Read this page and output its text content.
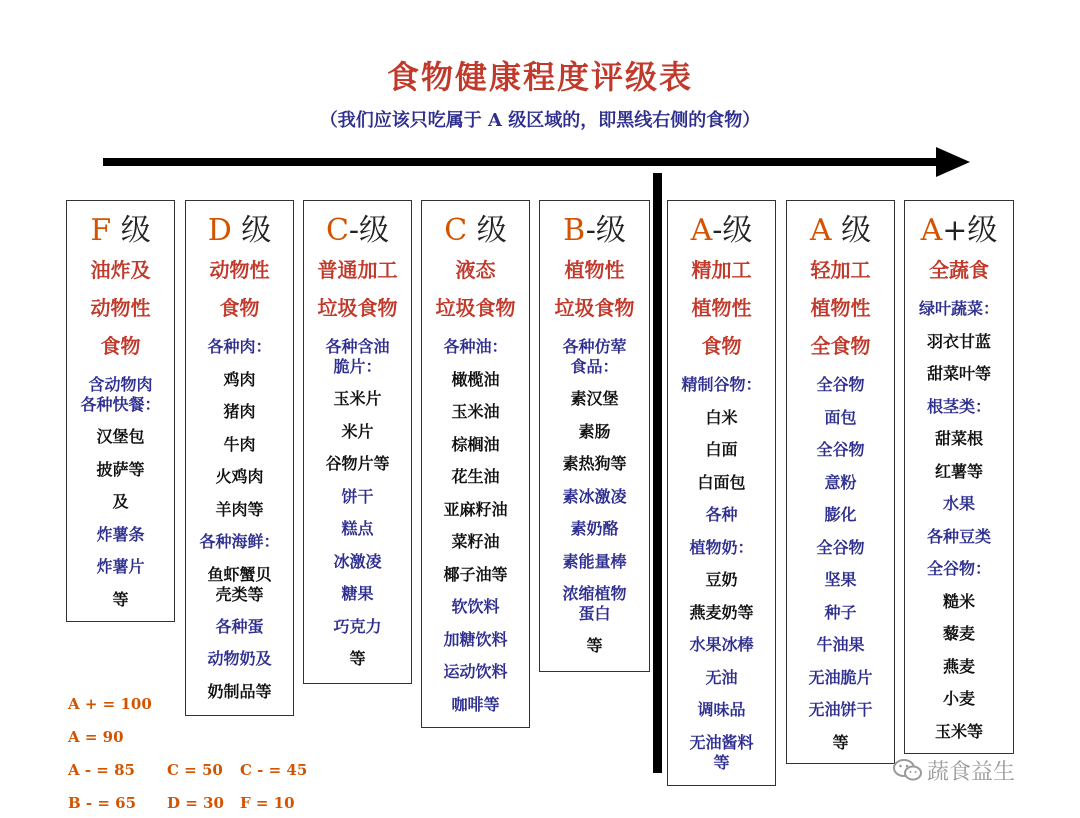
食物健康程度评级表
（我们应该只吃属于 A 级区域的，即黑线右侧的食物）
F 级
油炸及
动物性
食物
含动物肉
各种快餐：
汉堡包
披萨等
及
炸薯条
炸薯片
等
D 级
动物性
食物
各种肉：
鸡肉
猪肉
牛肉
火鸡肉
羊肉等
各种海鲜：
鱼虾蟹贝
壳类等
各种蛋
动物奶及
奶制品等
C-级
普通加工
垃圾食物
各种含油
脆片：
玉米片
米片
谷物片等
饼干
糕点
冰激凌
糖果
巧克力
等
C 级
液态
垃圾食物
各种油：
橄榄油
玉米油
棕榈油
花生油
亚麻籽油
菜籽油
椰子油等
软饮料
加糖饮料
运动饮料
咖啡等
B-级
植物性
垃圾食物
各种仿荤
食品：
素汉堡
素肠
素热狗等
素冰激凌
素奶酪
素能量棒
浓缩植物
蛋白
等
A-级
精加工
植物性
食物
精制谷物：
白米
白面
白面包
各种
植物奶：
豆奶
燕麦奶等
水果冰棒
无油
调味品
无油酱料
等
A 级
轻加工
植物性
全食物
全谷物
面包
全谷物
意粉
膨化
全谷物
坚果
种子
牛油果
无油脆片
无油饼干
等
A+级
全蔬食
绿叶蔬菜：
羽衣甘蓝
甜菜叶等
根茎类：
甜菜根
红薯等
水果
各种豆类
全谷物：
糙米
藜麦
燕麦
小麦
玉米等
A + = 100
A = 90
A - = 85 C = 50 C - = 45
B - = 65 D = 30 F = 10
蔬食益生
